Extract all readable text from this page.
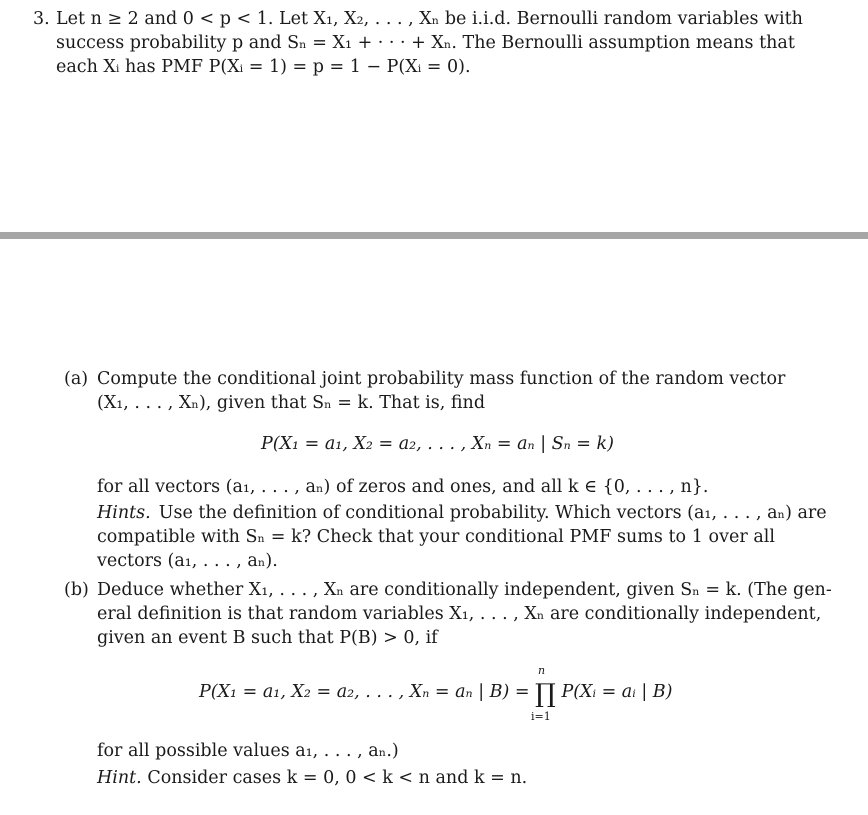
3. Let n ≥ 2 and 0 < p < 1. Let X₁, X₂, . . . , Xₙ be i.i.d. Bernoulli random variables with
success probability p and Sₙ = X₁ + · · · + Xₙ. The Bernoulli assumption means that
each Xᵢ has PMF P(Xᵢ = 1) = p = 1 − P(Xᵢ = 0).
(a) Compute the conditional joint probability mass function of the random vector
(X₁, . . . , Xₙ), given that Sₙ = k. That is, find
P(X₁ = a₁, X₂ = a₂, . . . , Xₙ = aₙ | Sₙ = k)
for all vectors (a₁, . . . , aₙ) of zeros and ones, and all k ∈ {0, . . . , n}.
Hints. Use the definition of conditional probability. Which vectors (a₁, . . . , aₙ) are
compatible with Sₙ = k? Check that your conditional PMF sums to 1 over all
vectors (a₁, . . . , aₙ).
(b) Deduce whether X₁, . . . , Xₙ are conditionally independent, given Sₙ = k. (The gen-
eral definition is that random variables X₁, . . . , Xₙ are conditionally independent,
given an event B such that P(B) > 0, if
n
P(X₁ = a₁, X₂ = a₂, . . . , Xₙ = aₙ | B) = ∏ P(Xᵢ = aᵢ | B)
i=1
for all possible values a₁, . . . , aₙ.)
Hint. Consider cases k = 0, 0 < k < n and k = n.
